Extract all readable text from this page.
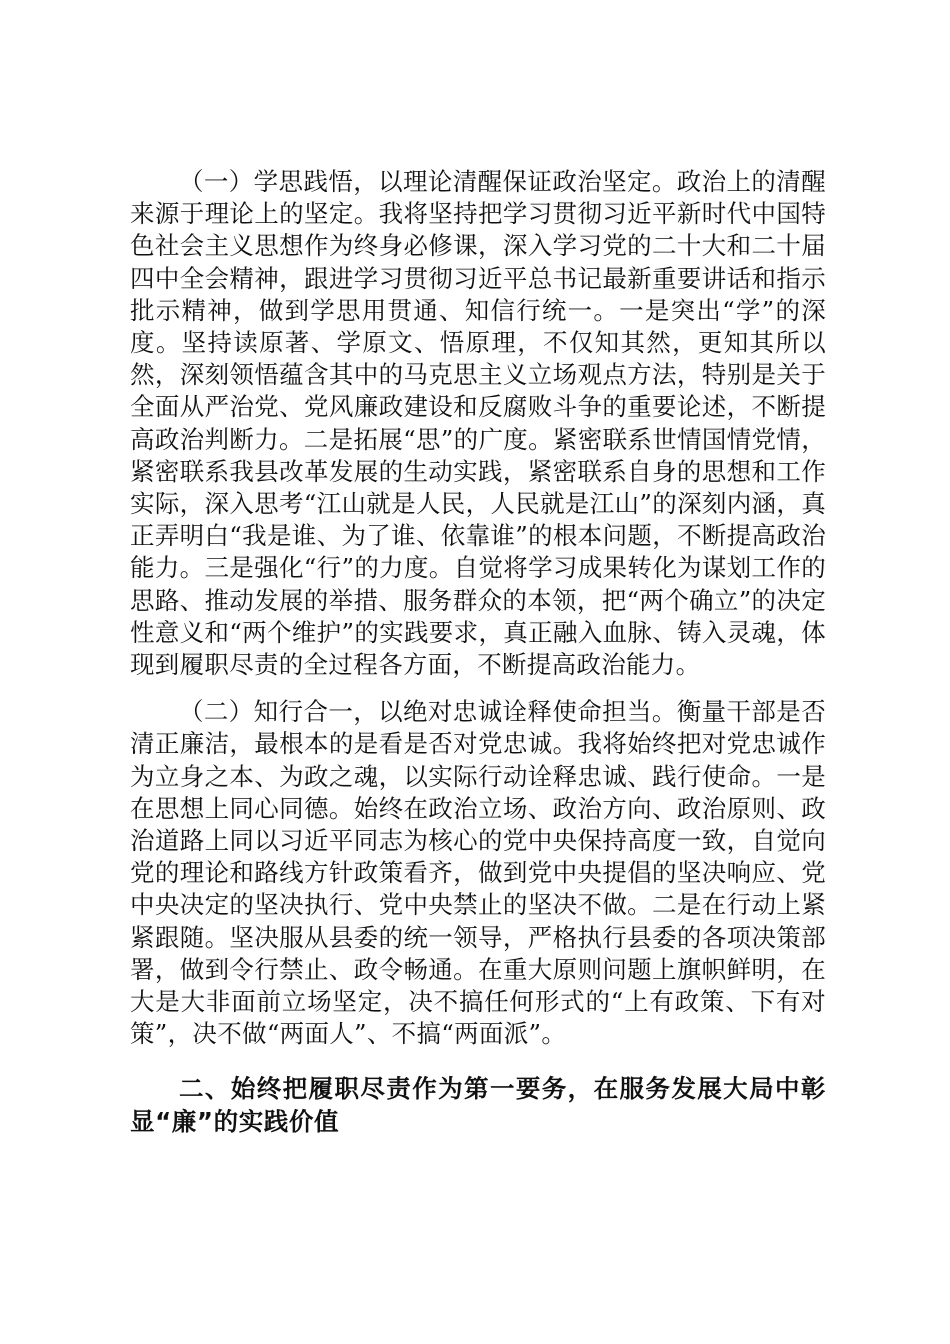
（一）学思践悟，以理论清醒保证政治坚定。政治上的清醒来源于理论上的坚定。我将坚持把学习贯彻习近平新时代中国特色社会主义思想作为终身必修课，深入学习党的二十大和二十届四中全会精神，跟进学习贯彻习近平总书记最新重要讲话和指示批示精神，做到学思用贯通、知信行统一。一是突出“学”的深度。坚持读原著、学原文、悟原理，不仅知其然，更知其所以然，深刻领悟蕴含其中的马克思主义立场观点方法，特别是关于全面从严治党、党风廉政建设和反腐败斗争的重要论述，不断提高政治判断力。二是拓展“思”的广度。紧密联系世情国情党情，紧密联系我县改革发展的生动实践，紧密联系自身的思想和工作实际，深入思考“江山就是人民，人民就是江山”的深刻内涵，真正弄明白“我是谁、为了谁、依靠谁”的根本问题，不断提高政治能力。三是强化“行”的力度。自觉将学习成果转化为谋划工作的思路、推动发展的举措、服务群众的本领，把“两个确立”的决定性意义和“两个维护”的实践要求，真正融入血脉、铸入灵魂，体现到履职尽责的全过程各方面，不断提高政治能力。

（二）知行合一，以绝对忠诚诠释使命担当。衡量干部是否清正廉洁，最根本的是看是否对党忠诚。我将始终把对党忠诚作为立身之本、为政之魂，以实际行动诠释忠诚、践行使命。一是在思想上同心同德。始终在政治立场、政治方向、政治原则、政治道路上同以习近平同志为核心的党中央保持高度一致，自觉向党的理论和路线方针政策看齐，做到党中央提倡的坚决响应、党中央决定的坚决执行、党中央禁止的坚决不做。二是在行动上紧紧跟随。坚决服从县委的统一领导，严格执行县委的各项决策部署，做到令行禁止、政令畅通。在重大原则问题上旗帜鲜明，在大是大非面前立场坚定，决不搞任何形式的“上有政策、下有对策”，决不做“两面人”、不搞“两面派”。

二、始终把履职尽责作为第一要务，在服务发展大局中彰显“廉”的实践价值
